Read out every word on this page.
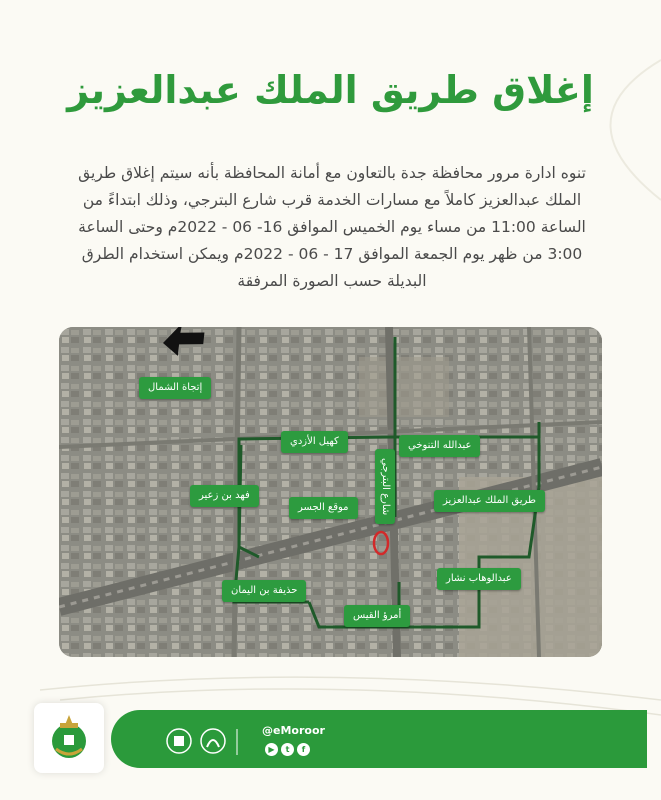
إغلاق طريق الملك عبدالعزيز
تنوه ادارة مرور محافظة جدة بالتعاون مع أمانة المحافظة بأنه سيتم إغلاق طريق
الملك عبدالعزيز كاملاً مع مسارات الخدمة قرب شارع البترجي، وذلك ابتداءً من
الساعة 11:00 من مساء يوم الخميس الموافق 16- 06 - 2022م وحتى الساعة
3:00 من ظهر يوم الجمعة الموافق 17 - 06 - 2022م ويمكن استخدام الطرق
البديلة حسب الصورة المرفقة
إتجاة الشمال
كهيل الأزدي	عبدالله التنوخي
فهد بن زعير
موقع الجسر
طريق الملك عبدالعزيز
شارع البترجي
حذيفة بن اليمان
عبدالوهاب نشار
أمرؤ القيس
@eMoroor
▶	t	f
